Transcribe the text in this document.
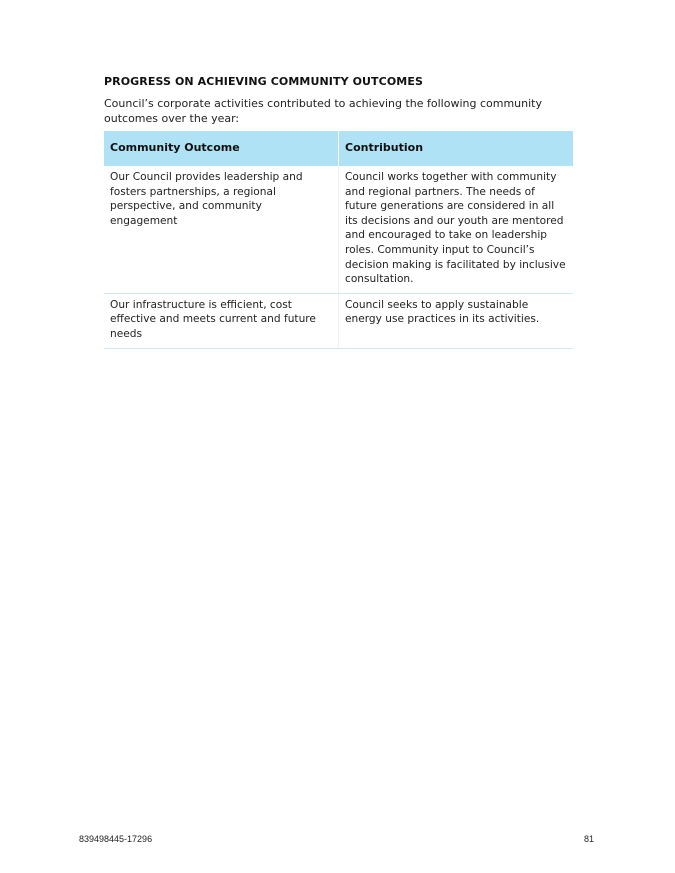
PROGRESS ON ACHIEVING COMMUNITY OUTCOMES
Council’s corporate activities contributed to achieving the following community outcomes over the year:
Community Outcome	Contribution
Our Council provides leadership and fosters partnerships, a regional perspective, and community engagement	Council works together with community and regional partners. The needs of future generations are considered in all its decisions and our youth are mentored and encouraged to take on leadership roles. Community input to Council’s decision making is facilitated by inclusive consultation.
Our infrastructure is efficient, cost effective and meets current and future needs	Council seeks to apply sustainable energy use practices in its activities.
839498445-17296	81
